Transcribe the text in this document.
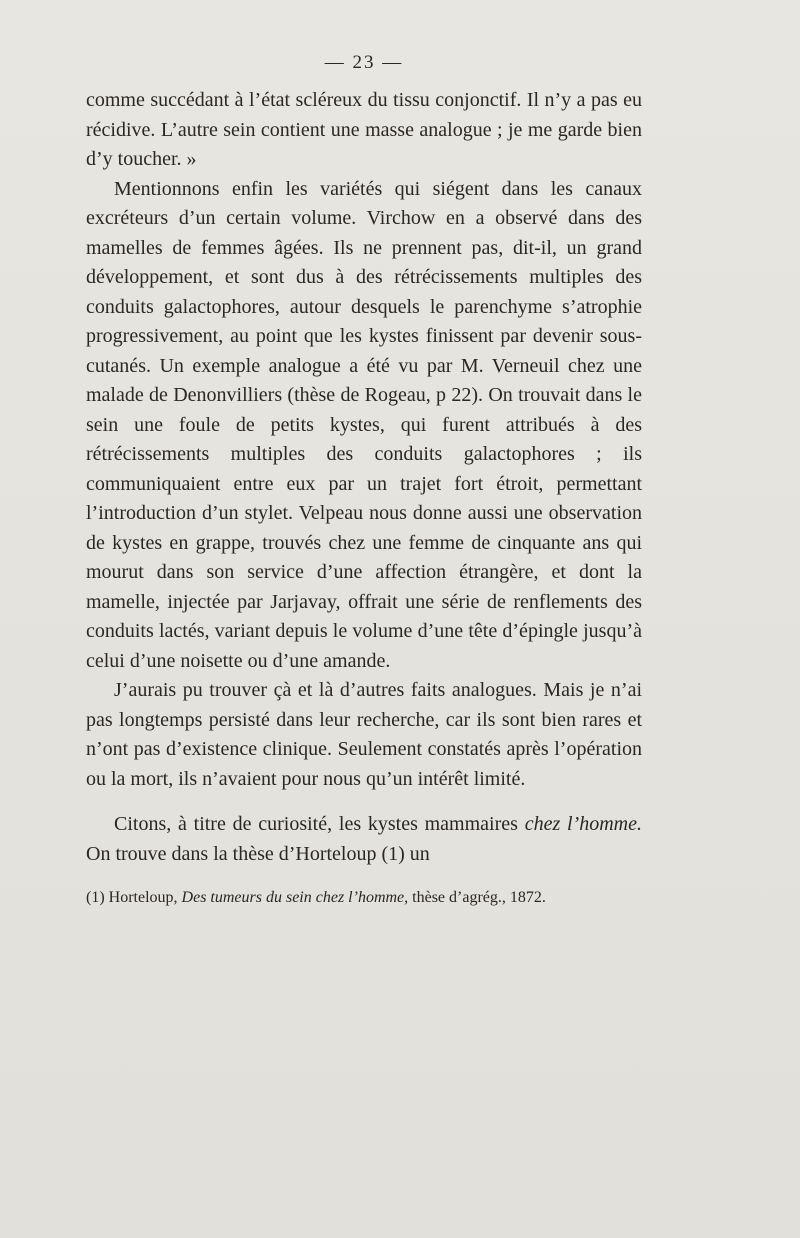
— 23 —

comme succédant à l’état scléreux du tissu conjonctif. Il n’y a pas eu récidive. L’autre sein contient une masse analogue ; je me garde bien d’y toucher. »

Mentionnons enfin les variétés qui siégent dans les canaux excréteurs d’un certain volume. Virchow en a observé dans des mamelles de femmes âgées. Ils ne prennent pas, dit-il, un grand développement, et sont dus à des rétrécissements multiples des conduits galactophores, autour desquels le parenchyme s’atrophie progressivement, au point que les kystes finissent par devenir sous-cutanés. Un exemple analogue a été vu par M. Verneuil chez une malade de Denonvilliers (thèse de Rogeau, p 22). On trouvait dans le sein une foule de petits kystes, qui furent attribués à des rétrécissements multiples des conduits galactophores ; ils communiquaient entre eux par un trajet fort étroit, permettant l’introduction d’un stylet. Velpeau nous donne aussi une observation de kystes en grappe, trouvés chez une femme de cinquante ans qui mourut dans son service d’une affection étrangère, et dont la mamelle, injectée par Jarjavay, offrait une série de renflements des conduits lactés, variant depuis le volume d’une tête d’épingle jusqu’à celui d’une noisette ou d’une amande.

J’aurais pu trouver çà et là d’autres faits analogues. Mais je n’ai pas longtemps persisté dans leur recherche, car ils sont bien rares et n’ont pas d’existence clinique. Seulement constatés après l’opération ou la mort, ils n’avaient pour nous qu’un intérêt limité.

Citons, à titre de curiosité, les kystes mammaires chez l’homme. On trouve dans la thèse d’Horteloup (1) un

(1) Horteloup, Des tumeurs du sein chez l’homme, thèse d’agrég., 1872.
